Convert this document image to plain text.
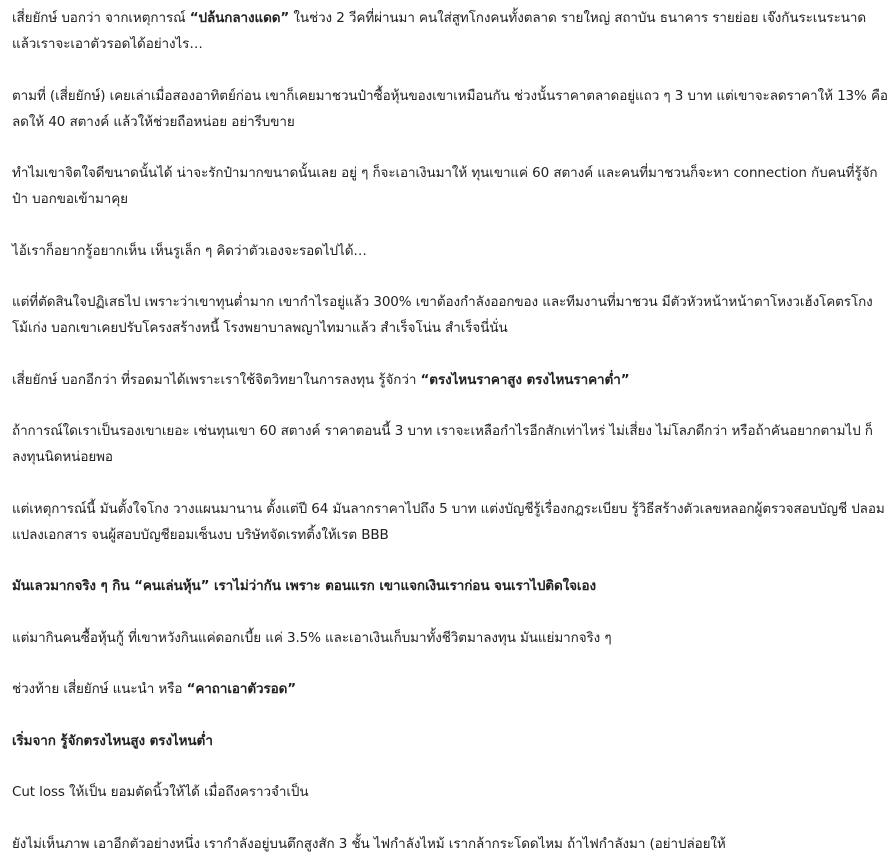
เสี่ยยักษ์ บอกว่า จากเหตุการณ์ “ปล้นกลางแดด” ในช่วง 2 วีคที่ผ่านมา คนใส่สูทโกงคนทั้งตลาด รายใหญ่ สถาบัน ธนาคาร รายย่อย เจ๊งกันระเนระนาด แล้วเราจะเอาตัวรอดได้อย่างไร…

ตามที่ (เสี่ยยักษ์) เคยเล่าเมื่อสองอาทิตย์ก่อน เขาก็เคยมาชวนป๋าซื้อหุ้นของเขาเหมือนกัน ช่วงนั้นราคาตลาดอยู่แถว ๆ 3 บาท แต่เขาจะลดราคาให้ 13% คือลดให้ 40 สตางค์ แล้วให้ช่วยถือหน่อย อย่ารีบขาย

ทำไมเขาจิตใจดีขนาดนั้นได้ น่าจะรักป๋ามากขนาดนั้นเลย อยู่ ๆ ก็จะเอาเงินมาให้ ทุนเขาแค่ 60 สตางค์ และคนที่มาชวนก็จะหา connection กับคนที่รู้จักป๋า บอกขอเข้ามาคุย

ไอ้เราก็อยากรู้อยากเห็น เห็นรูเล็ก ๆ คิดว่าตัวเองจะรอดไปได้…

แต่ที่ตัดสินใจปฏิเสธไป เพราะว่าเขาทุนต่ำมาก เขากำไรอยู่แล้ว 300% เขาต้องกำลังออกของ และทีมงานที่มาชวน มีตัวหัวหน้าหน้าตาโหงวเฮ้งโคตรโกง โม้เก่ง บอกเขาเคยปรับโครงสร้างหนี้ โรงพยาบาลพญาไทมาแล้ว สำเร็จโน่น สำเร็จนี่นั่น

เสี่ยยักษ์ บอกอีกว่า ที่รอดมาได้เพราะเราใช้จิตวิทยาในการลงทุน รู้จักว่า “ตรงไหนราคาสูง ตรงไหนราคาต่ำ”

ถ้าการณ์ใดเราเป็นรองเขาเยอะ เช่นทุนเขา 60 สตางค์ ราคาตอนนี้ 3 บาท เราจะเหลือกำไรอีกสักเท่าไหร่ ไม่เสี่ยง ไม่โลภดีกว่า หรือถ้าคันอยากตามไป ก็ลงทุนนิดหน่อยพอ

แต่เหตุการณ์นี้ มันตั้งใจโกง วางแผนมานาน ตั้งแต่ปี 64 มันลากราคาไปถึง 5 บาท แต่งบัญชีรู้เรื่องกฎระเบียบ รู้วิธีสร้างตัวเลขหลอกผู้ตรวจสอบบัญชี ปลอมแปลงเอกสาร จนผู้สอบบัญชียอมเซ็นงบ บริษัทจัดเรทติ้งให้เรต BBB

มันเลวมากจริง ๆ กิน “คนเล่นหุ้น” เราไม่ว่ากัน เพราะ ตอนแรก เขาแจกเงินเราก่อน จนเราไปติดใจเอง

แต่มากินคนซื้อหุ้นกู้ ที่เขาหวังกินแค่ดอกเบี้ย แค่ 3.5% และเอาเงินเก็บมาทั้งชีวิตมาลงทุน มันแย่มากจริง ๆ

ช่วงท้าย เสี่ยยักษ์ แนะนำ หรือ “คาถาเอาตัวรอด”

เริ่มจาก รู้จักตรงไหนสูง ตรงไหนต่ำ

Cut loss ให้เป็น ยอมตัดนิ้วให้ได้ เมื่อถึงคราวจำเป็น

ยังไม่เห็นภาพ เอาอีกตัวอย่างหนึ่ง เรากำลังอยู่บนตึกสูงสัก 3 ชั้น ไฟกำลังไหม้ เรากล้ากระโดดไหม ถ้าไฟกำลังมา (อย่าปล่อยให้
